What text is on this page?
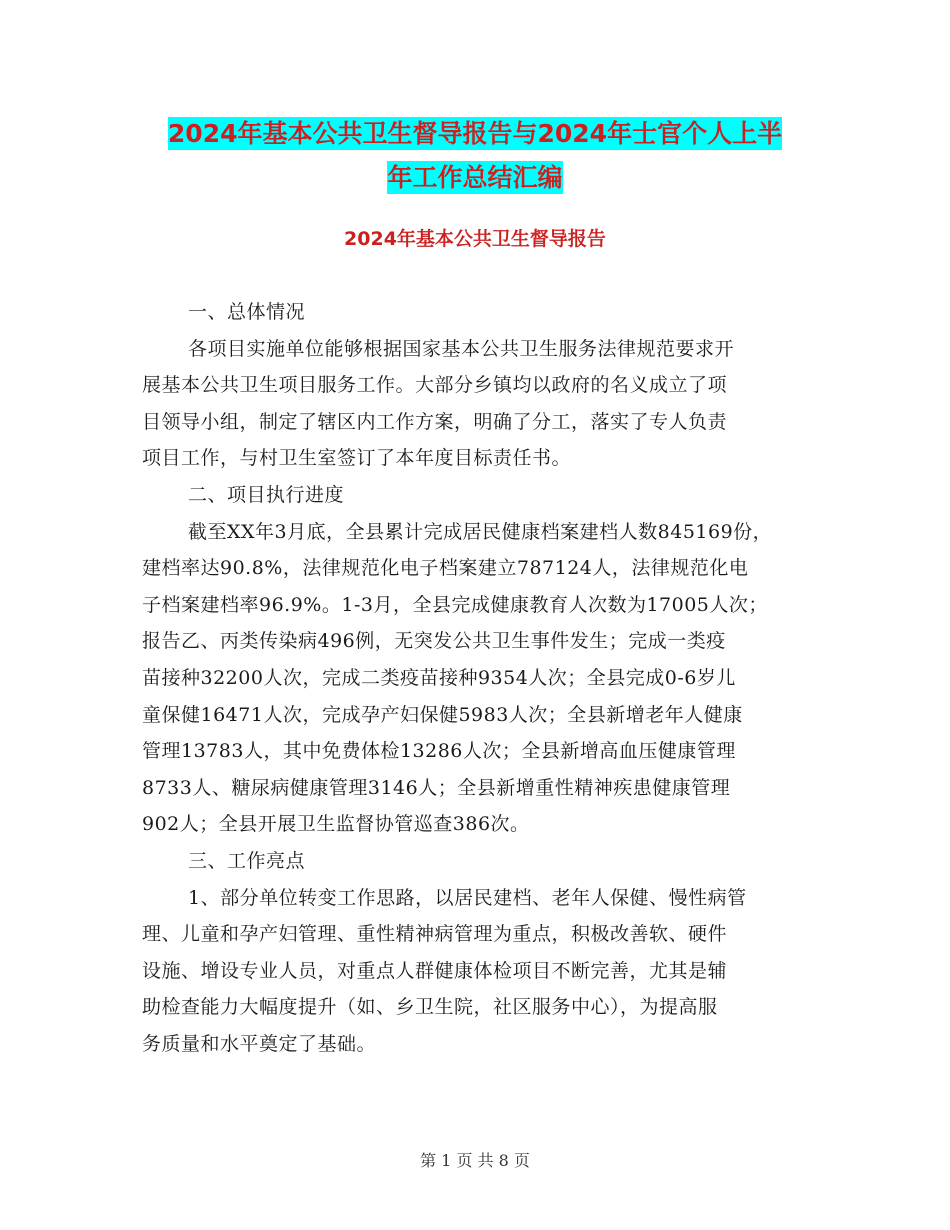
2024年基本公共卫生督导报告与2024年士官个人上半
年工作总结汇编
2024年基本公共卫生督导报告

一、总体情况

各项目实施单位能够根据国家基本公共卫生服务法律规范要求开
展基本公共卫生项目服务工作。大部分乡镇均以政府的名义成立了项
目领导小组，制定了辖区内工作方案，明确了分工，落实了专人负责
项目工作，与村卫生室签订了本年度目标责任书。

二、项目执行进度

截至XX年3月底，全县累计完成居民健康档案建档人数845169份，
建档率达90.8%，法律规范化电子档案建立787124人，法律规范化电
子档案建档率96.9%。1-3月，全县完成健康教育人次数为17005人次；
报告乙、丙类传染病496例，无突发公共卫生事件发生；完成一类疫
苗接种32200人次，完成二类疫苗接种9354人次；全县完成0-6岁儿
童保健16471人次，完成孕产妇保健5983人次；全县新增老年人健康
管理13783人，其中免费体检13286人次；全县新增高血压健康管理
8733人、糖尿病健康管理3146人；全县新增重性精神疾患健康管理
902人；全县开展卫生监督协管巡查386次。

三、工作亮点

1、部分单位转变工作思路，以居民建档、老年人保健、慢性病管
理、儿童和孕产妇管理、重性精神病管理为重点，积极改善软、硬件
设施、增设专业人员，对重点人群健康体检项目不断完善，尤其是辅
助检查能力大幅度提升（如、乡卫生院，社区服务中心），为提高服
务质量和水平奠定了基础。
第 1 页 共 8 页
